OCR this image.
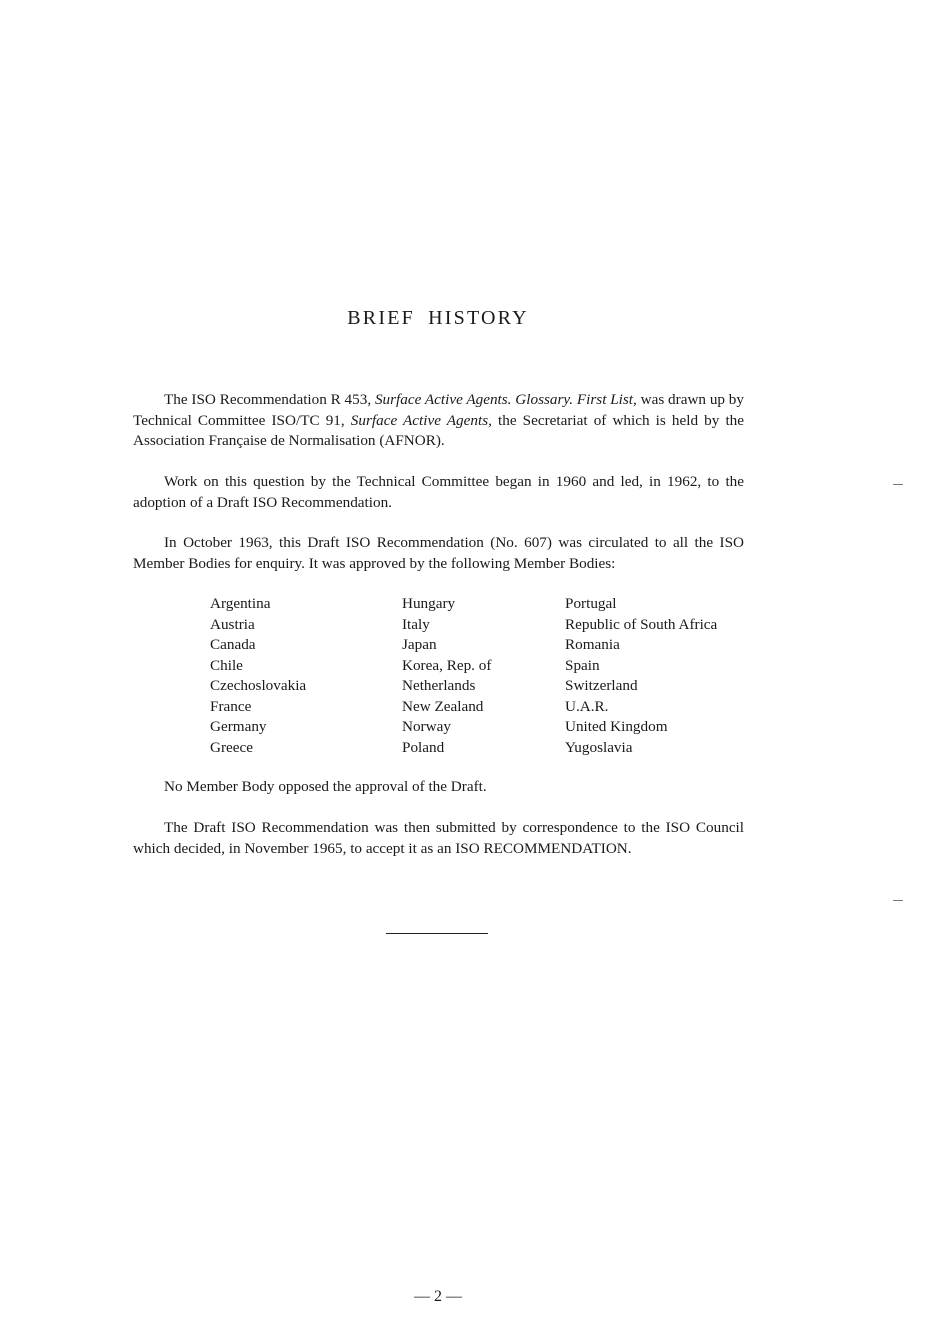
BRIEF HISTORY
The ISO Recommendation R 453, Surface Active Agents. Glossary. First List, was drawn up by Technical Committee ISO/TC 91, Surface Active Agents, the Secretariat of which is held by the Association Française de Normalisation (AFNOR).
Work on this question by the Technical Committee began in 1960 and led, in 1962, to the adoption of a Draft ISO Recommendation.
In October 1963, this Draft ISO Recommendation (No. 607) was circulated to all the ISO Member Bodies for enquiry. It was approved by the following Member Bodies:
Argentina
Austria
Canada
Chile
Czechoslovakia
France
Germany
Greece
Hungary
Italy
Japan
Korea, Rep. of
Netherlands
New Zealand
Norway
Poland
Portugal
Republic of South Africa
Romania
Spain
Switzerland
U.A.R.
United Kingdom
Yugoslavia
No Member Body opposed the approval of the Draft.
The Draft ISO Recommendation was then submitted by correspondence to the ISO Council which decided, in November 1965, to accept it as an ISO RECOMMENDATION.
— 2 —
